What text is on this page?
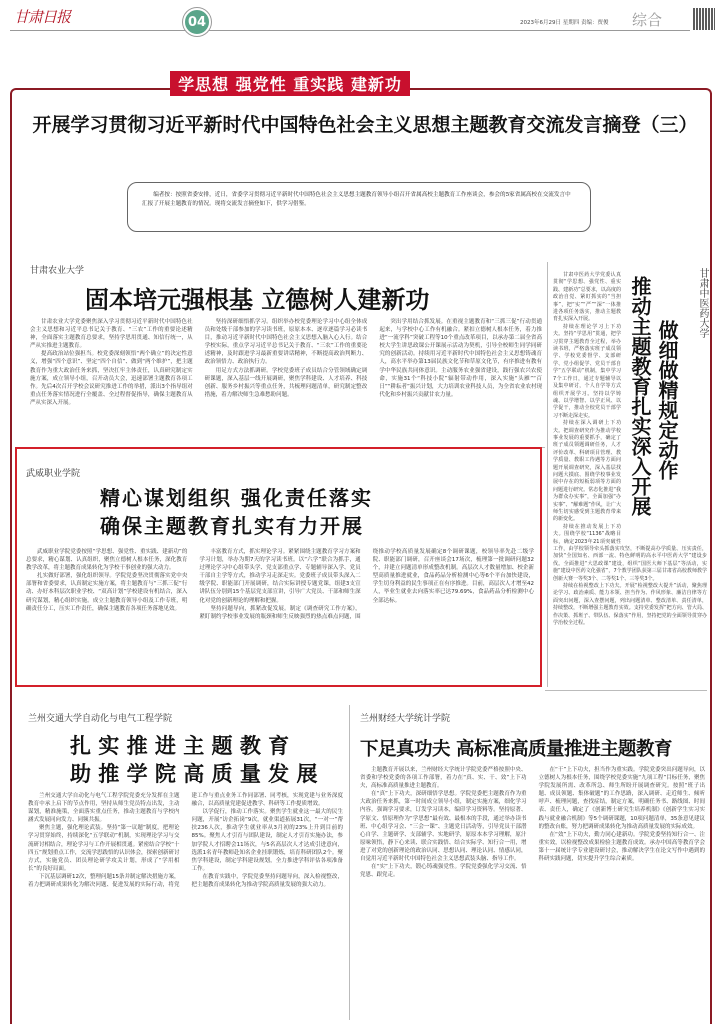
甘肃日报	04	2023年6月29日 星期四 责编：贾俊 综合
学思想 强党性 重实践 建新功
开展学习贯彻习近平新时代中国特色社会主义思想主题教育交流发言摘登（三）
编者按：按照省委安排，近日，省委学习贯彻习近平新时代中国特色社会主义思想主题教育领导小组召开省属高校主题教育工作座谈会，参会的5家省属高校在交流发言中汇报了开展主题教育的情况。现将交流发言摘登如下，供学习借鉴。
甘肃农业大学
固本培元强根基 立德树人建新功

甘肃农业大学党委聚焦深入学习贯彻习近平新时代中国特色社会主义思想和习近平总书记关于教育、“三农”工作的重要论述精神，全面落实主题教育总要求，坚持学思用贯通、知信行统一，从严从实推进主题教育。

提高政治站位强担当。校党委深刻领悟“两个确立”的决定性意义，增强“四个意识”、坚定“四个自信”、做到“两个维护”，把主题教育作为重大政治任务来抓，坚决扛牢主体责任，认真研究制定实施方案，成立领导小组，召开动员大会，迅速部署主题教育各项工作。先后4次召开学校会议研究推进工作的举措，派出3个指导组对重点任务落实情况进行全覆盖、全过程督促指导，确保主题教育从严从实深入开展。

坚持深研细悟抓学习。组织举办校党委理论学习中心组全体成员和处级干部参加的学习读书班，原原本本、逐章逐篇学习必读书目，推动习近平新时代中国特色社会主义思想入脑入心入行。结合学校实际，重点学习习近平总书记关于教育、“三农”工作的重要论述精神，及时跟进学习最新重要讲话精神，不断提高政治判断力、政治领悟力、政治执行力。

用足方式方法抓调研。学校党委班子成员结合分管领域确定调研课题，深入基层一线开展调研，聚焦学科建设、人才培养、科技创新、服务乡村振兴等重点任务，共梳理问题清单，研究制定整改措施，着力解决师生急难愁盼问题。

突出学用结合抓发展。在重视主题教育和“三抓三促”行动贯通起来，与学校中心工作有机融合。紧扣立德树人根本任务，着力推进“一流学科”突破工程等10个重点改革项目，以承办第二届全省高校大学生讲思政课公开课展示活动为契机，引导全校师生同学同研究的创新活动。持续用习近平新时代中国特色社会主义思想铸魂育人，高水平举办第13届民族文化节和草原文化节，有序推进有教有学中华民族共同体意识。主动服务农业强省建设，践行强农兴农使命，实施31个“科技小院”辐射带动作用，深入实施“头雁”“百日”“耕耘者”振兴计划，大力培训农业科技人员，为全省农业农村现代化和乡村振兴贡献甘农力量。

甘肃中医药大学
做细做精规定动作
推动主题教育扎实深入开展

甘肃中医药大学党委认真贯彻“学思想、强党性、重实践、建新功”总要求，以高度的政治自觉、紧盯抓实的“当担事”，把“实”“严”“深”一体推进各项任务落实，推动主题教育扎实深入开展。

持续在理论学习上下功夫。坚持“学思用”贯通，把学习贯穿主题教育全过程，举办读书班，严格落实班子成员领学、学校党委督学、支部研学、党小组促学、党员干部自学“五学联动”机制，集中学习7个工作日，通过专题辅导以及集中研讨，个人自学等方式组织开展学习。坚持以学铸魂、以学增智、以学正风、以学促干，推动全校党员干部学习不断走深走实。

持续在深入调研上下功夫。把调查研究作为推动学校事业发展的重要抓手，确定了班子成员领题调研任务，人才评价改革、科研项目管理、教学质量、教职工待遇等方面问题开展调查研究，深入基层找问题大摸底、围绕学校事业发展中存在的短板弱项等方面的问题进行研究。常态化推进“我为群众办实事”，全面加强“办实事”、“解难题”作风，让广大师生切实感受到主题教育带来的新变化。

持续在推动发展上下功夫。围绕学校“1136”战略目标，确定2023年21项突破性工作，由学校领导牵头抓落实攻坚，不断提高办学质量、压实责任，加快“全国知名、西部一流、特色鲜明的高水平中医药大学”建设步伐。全面推进“大思政课”建设，组织“国医大师下基层”等活动，实施“建设中医药文化强省”，7个教学团队获第三届甘肃省高校教师教学创新大赛一等奖3个、二等奖1个、三等奖3个。

持续在检视整改上下功夫。开展“检视整改大提升”活动，聚焦理论学习、政治素质、能力本领、担当作为、作风形象、廉洁自律等方面突出问题，深入查摆问题，列出问题清单、整改清单、责任清单，持续整改，不断增强主题教育实效。支持党委发挥“把方向、管大局、作决策、抓班子、带队伍、保落实”作用，坚持把党的全面领导贯穿办学治校全过程。

武威职业学院
精心谋划组织 强化责任落实
确保主题教育扎实有力开展

武威职业学院党委按照“学思想、强党性、重实践、建新功”的总要求，精心谋划、认真组织，聚焦立德树人根本任务，深化教育教学改革，将主题教育成果转化为学校干事创业的强大动力。

扎实做好部署，强化组织领导。学院党委坚决贯彻落实党中央部署和省委要求，认真制定实施方案，将主题教育与“三抓三促”行动、办好本科层次职业学校、“双高计划”学校建设有机结合，深入研究谋划，精心组织实施。成立主题教育领导小组及工作专班，明确责任分工，压实工作责任，确保主题教育各项任务落地见效。

丰富教育方式，抓实理论学习。紧紧围绕主题教育学习方案和学习计划，举办为期7天的学习读书班。以“六学”联合为抓手，通过理论学习中心组带头学、党支部重点学、专题辅导深入学、党员干部自主学等方式，推动学习走深走实。党委班子成员带头深入二级学院、职能部门开展调研，结合实际讲授专题党课，组建3支宣讲队伍分别到15个基层党支部宣讲，引导广大党员、干部和师生深化对党的创新理论的理解和把握。

坚持问题导向，抓紧改促发展。制定《调查研究工作方案》，紧盯制约学校事业发展的瓶颈和师生反映强烈的热点难点问题，围绕推动学校高质量发展确定8个调研课题，校领导率先赴二级学院、职能部门调研，召开座谈会17场次，梳理第一批调研问题32个，并建立问题清单形成整改机制。高层次人才数量增加、校企新型高质量推进就业，食品药品分析检测中心等6个平台加快建设，学生切身利益的民生事项正在有序推进。目前，高层次人才增至42人，毕业生就业去向落实率已达79.69%，食品药品分析检测中心全部达标。

兰州交通大学自动化与电气工程学院
扎 实 推 进 主 题 教 育
助 推 学 院 高 质 量 发 展

兰州交通大学自动化与电气工程学院党委充分发挥在主题教育中承上启下的节点作用，坚持从师生党员特点出发，主动谋划，精准施策，全面落实重点任务，推动主题教育与学校内涵式发展同向发力、同频共振。

聚焦主题，强化理论武装。坚持“第一议题”制度，把理论学习贯穿始终，持续深化“五学联动”机制，实现理论学习与交流研讨相结合，理论学习与工作开展相贯通。紧密结合学校“十四五”规划重点工作，交流学思践悟的认识体会，探索创新研讨方式，实施党员、团员理论研学攻关计划，形成了“学用相长”的良好局面。

下沉基层调研12次，整理问题15条并制定解决措施方案，着力把调研成果转化为解决问题、促进发展的实际行动，将党建工作与重点业务工作同部署、同考核，实现党建与业务深度融合，以高质量党建促进教学、科研等工作提质增效。

以学促行，推动工作落实。聚焦学生就业这一最大的民生问题，开展“访企拓岗”9次，就业渠道拓展31次，“一对一”帮扶236人次，推动学生就业率从3月初的23%上升到目前的85%。聚焦人才引育与团队建设，制定人才引育实施办法，参加学院人才招聘会11场次，与5名高层次人才达成引进意向，选派1名青年教师赴知名企业挂职锻炼，培育科研团队2个。聚焦学科建设，制定学科建设规划，全力推进学科评估各项准备工作。

在教育实践中，学院党委坚持问题导向，深入检视整改，把主题教育成果转化为推动学院高质量发展的强大动力。

兰州财经大学统计学院
下足真功夫 高标准高质量推进主题教育

主题教育开展以来，兰州财经大学统计学院党委严格按照中央、省委和学校党委的各项工作部署，着力在“真、实、干、效”上下功夫，高标准高质量推进主题教育。

在“真”上下功夫，深研细悟学思想。学院党委把主题教育作为重大政治任务来抓，第一时间成立领导小组，制定实施方案，细化学习内容，强调学习要求，订发学习读本，编印学习资料等。坚持原著、学原文、悟原理作为“学思想”最有效、最根本的手段，通过举办读书班、中心组学习会、“三会一课”、主题党日活动等，引导党员干部潜心自学、主题研学、支部辅学、实地研学，原原本本学习理解，原汁原味领悟，静下心来读、联合实践悟、结合实际学、知行合一用，增进了对党的创新理论的政治认同、思想认同、理论认同、情感认同，自觉用习近平新时代中国特色社会主义思想武装头脑、指导工作。

在“实”上下功夫，锻心铸魂强党性。学院党委强化学习交流、悟党恩、跟党走。

在“干”上下功夫，担当作为重实践。学院党委突出问题导向，以立德树人为根本任务，围绕学校党委实施“九项工程”目标任务，聚焦学院发展所需、改革所急、师生所盼开展调查研究。按照“班子出题、成员领题、集体破题”的工作思路，深入调研、走近师生、倾听呼声、梳理问题，查找症结，制定方案，明确任务书、路线图、时间表、责任人，确定了《创新博士研究生培养机制》《创新学生实习实践与就业融合机制》等5个调研课题，10项问题清单，35条意见建议的整改台账，努力把调研成果转化为推动高质量发展的实际成效。

在“效”上下功夫，勤力同心建新功。学院党委坚持知行合一、注重实效，以检视整改成果检验主题教育成效。承办中国高等教育学会第十一届统计学专业建设研讨会，推动解决学生在论文写作中遇到的科研实践问题，切实提升学生综合素质。
